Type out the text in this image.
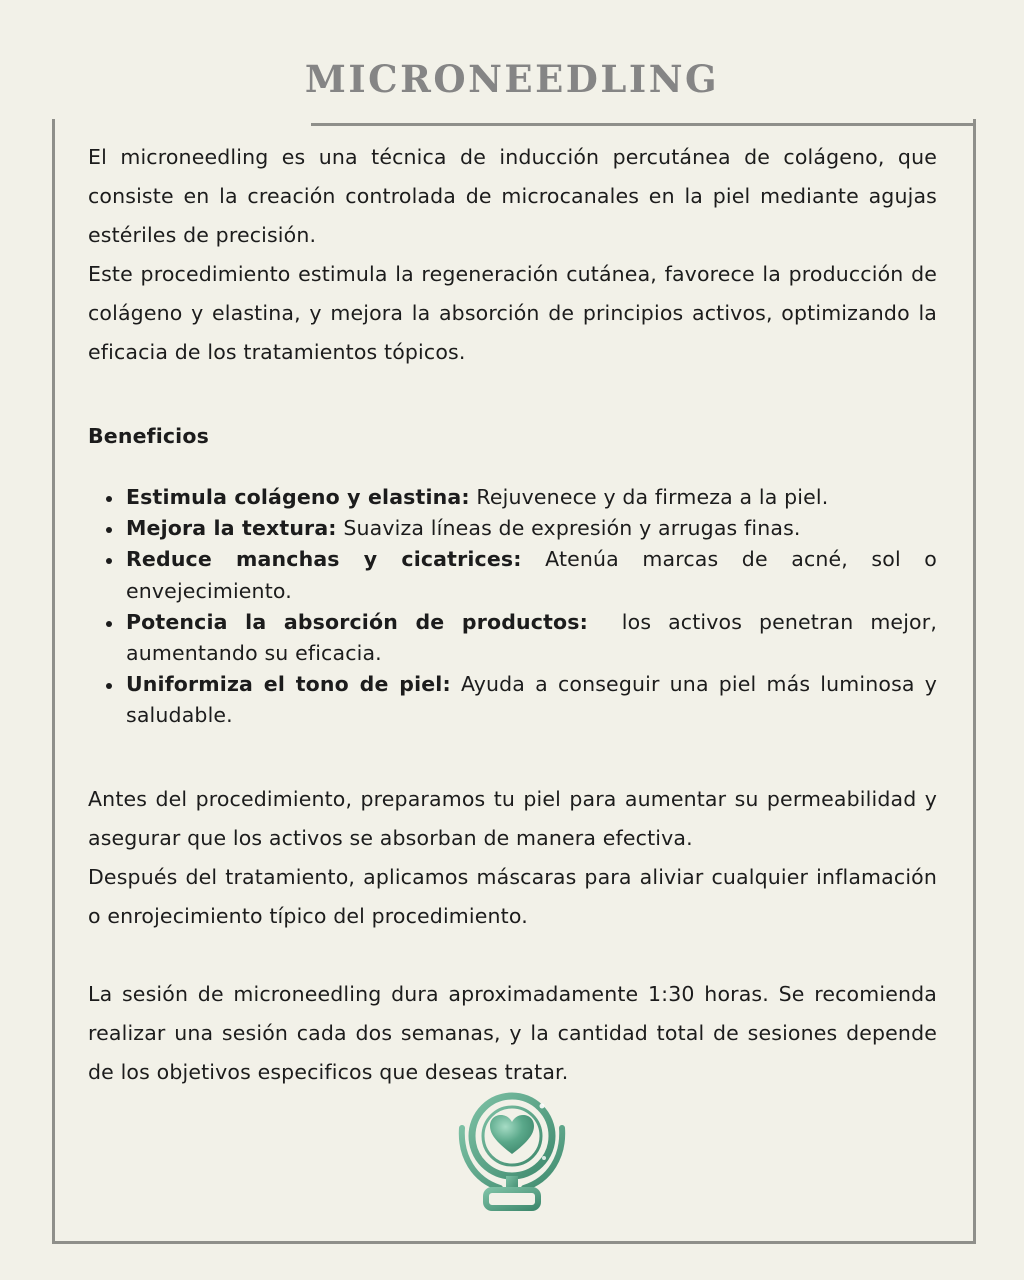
MICRONEEDLING

El microneedling es una técnica de inducción percutánea de colágeno, que consiste en la creación controlada de microcanales en la piel mediante agujas estériles de precisión.

Este procedimiento estimula la regeneración cutánea, favorece la producción de colágeno y elastina, y mejora la absorción de principios activos, optimizando la eficacia de los tratamientos tópicos.

Beneficios
Estimula colágeno y elastina: Rejuvenece y da firmeza a la piel.
Mejora la textura: Suaviza líneas de expresión y arrugas finas.
Reduce manchas y cicatrices: Atenúa marcas de acné, sol o envejecimiento.
Potencia la absorción de productos:  los activos penetran mejor, aumentando su eficacia.
Uniformiza el tono de piel: Ayuda a conseguir una piel más luminosa y saludable.

Antes del procedimiento, preparamos tu piel para aumentar su permeabilidad y asegurar que los activos se absorban de manera efectiva.

Después del tratamiento, aplicamos máscaras para aliviar cualquier inflamación o enrojecimiento típico del procedimiento.

La sesión de microneedling dura aproximadamente 1:30 horas. Se recomienda realizar una sesión cada dos semanas, y la cantidad total de sesiones depende de los objetivos especificos que deseas tratar.
